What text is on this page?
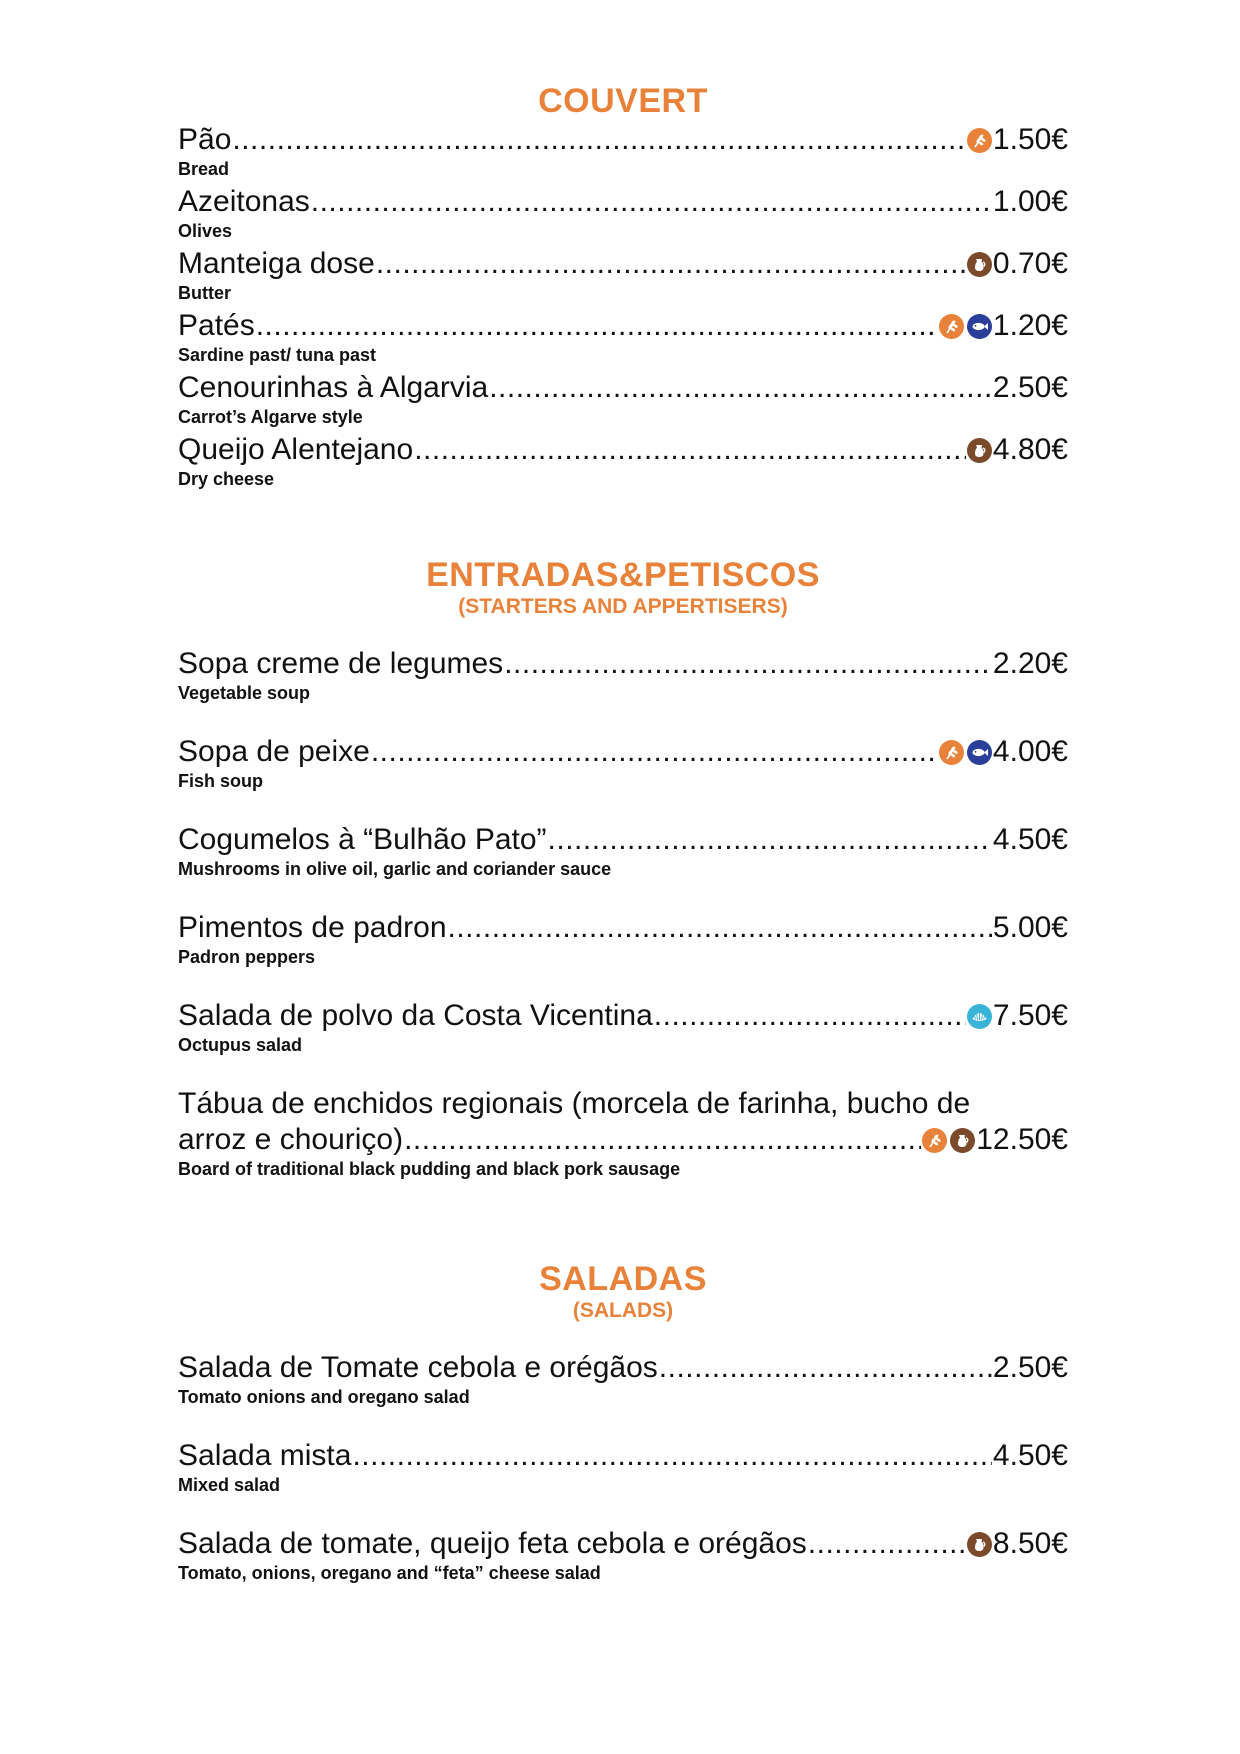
COUVERT
Pão .....	1.50€
Bread
Azeitonas .....	1.00€
Olives
Manteiga dose .....	0.70€
Butter
Patés .....	1.20€
Sardine past/ tuna past
Cenourinhas à Algarvia .....	2.50€
Carrot’s Algarve style
Queijo Alentejano .....	4.80€
Dry cheese
ENTRADAS&PETISCOS
(STARTERS AND APPERTISERS)
Sopa creme de legumes .....	2.20€
Vegetable soup
Sopa de peixe .....	4.00€
Fish soup
Cogumelos à “Bulhão Pato” .....	4.50€
Mushrooms in olive oil, garlic and coriander sauce
Pimentos de padron .....	5.00€
Padron peppers
Salada de polvo da Costa Vicentina .....	7.50€
Octupus salad
Tábua de enchidos regionais (morcela de farinha, bucho de
arroz e chouriço) .....	12.50€
Board of traditional black pudding and black pork sausage
SALADAS
(SALADS)
Salada de Tomate cebola e orégãos .....	2.50€
Tomato onions and oregano salad
Salada mista .....	4.50€
Mixed salad
Salada de tomate, queijo feta cebola e orégãos .....	8.50€
Tomato, onions, oregano and “feta” cheese salad
